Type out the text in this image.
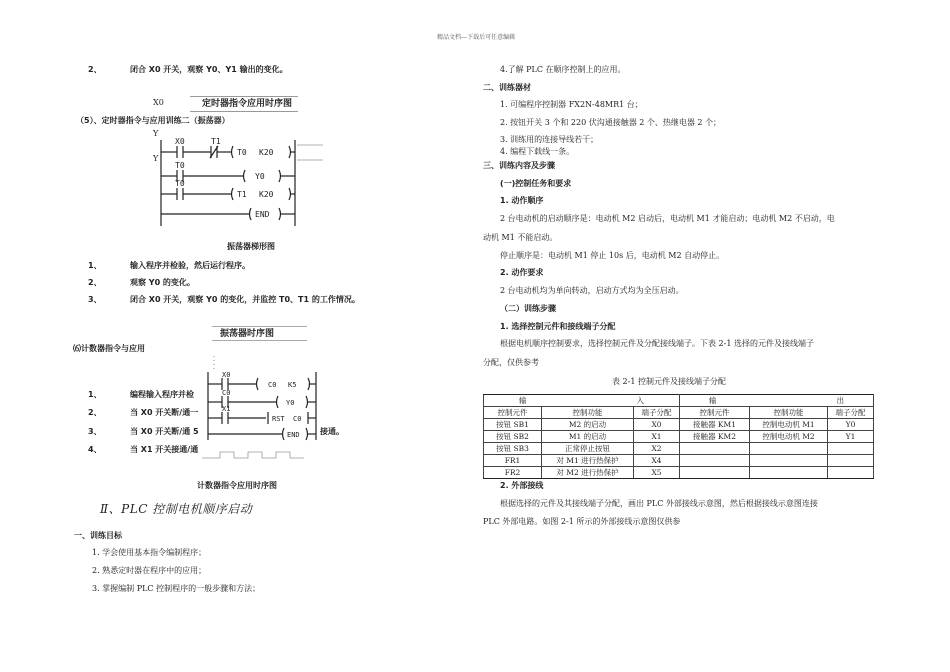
精品文档---下载后可任意编辑
2、	闭合 X0 开关，观察 Y0、Y1 输出的变化。
X0	定时器指令应用时序图
（5）、定时器指令与应用训练二（振荡器）
Y
Y
X0	T1
T0 K20
T0
Y0
T0
T1 K20
END
振荡器梯形图
1、	输入程序并检验，然后运行程序。
2、	观察 Y0 的变化。
3、	闭合 X0 开关，观察 Y0 的变化，并监控 T0、T1 的工作情况。
振荡器时序图
⑹计数器指令与应用
X0
C0 K5
C0
Y0
X1
RST C0
END
1、	编程输入程序并检
2、	当 X0 开关断/通一
3、	当 X0 开关断/通 5	接通。
4、	当 X1 开关接通/通
计数器指令应用时序图
Ⅱ、PLC 控制电机顺序启动
一、训练目标
1. 学会使用基本指令编制程序；
2. 熟悉定时器在程序中的应用；
3. 掌握编制 PLC 控制程序的一般步骤和方法；
4.了解 PLC 在顺序控制上的应用。
二、训练器材
1. 可编程序控制器 FX2N-48MR1 台；
2. 按钮开关 3 个和 220 伏沟通接触器 2 个、热继电器 2 个；
3. 训练用的连接导线若干；
4. 编程下载线一条。
三、训练内容及步骤
(一)控制任务和要求
1. 动作顺序
2 台电动机的启动顺序是：电动机 M2 启动后，电动机 M1 才能启动；电动机 M2 不启动，电
动机 M1 不能启动。
停止顺序是：电动机 M1 停止 10s 后，电动机 M2 自动停止。
2. 动作要求
2 台电动机均为单向转动，启动方式均为全压启动。
（二）训练步骤
1. 选择控制元件和接线端子分配
根据电机顺序控制要求，选择控制元件及分配接线端子。下表 2-1 选择的元件及接线端子
分配，仅供参考
表 2-1 控制元件及接线端子分配
输 入			输 出		
控制元件	控制功能	端子分配	控制元件	控制功能	端子分配
按钮 SB1	M2 的启动	X0	接触器 KM1	控制电动机 M1	Y0
按钮 SB2	M1 的启动	X1	接触器 KM2	控制电动机 M2	Y1
按钮 SB3	正常停止按钮	X2			
FR1	对 M1 进行热保护	X4			
FR2	对 M2 进行热保护	X5			
2. 外部接线
根据选择的元件及其接线端子分配，画出 PLC 外部接线示意图，然后根据接线示意图连接
PLC 外部电路。如图 2-1 所示的外部接线示意图仅供参
